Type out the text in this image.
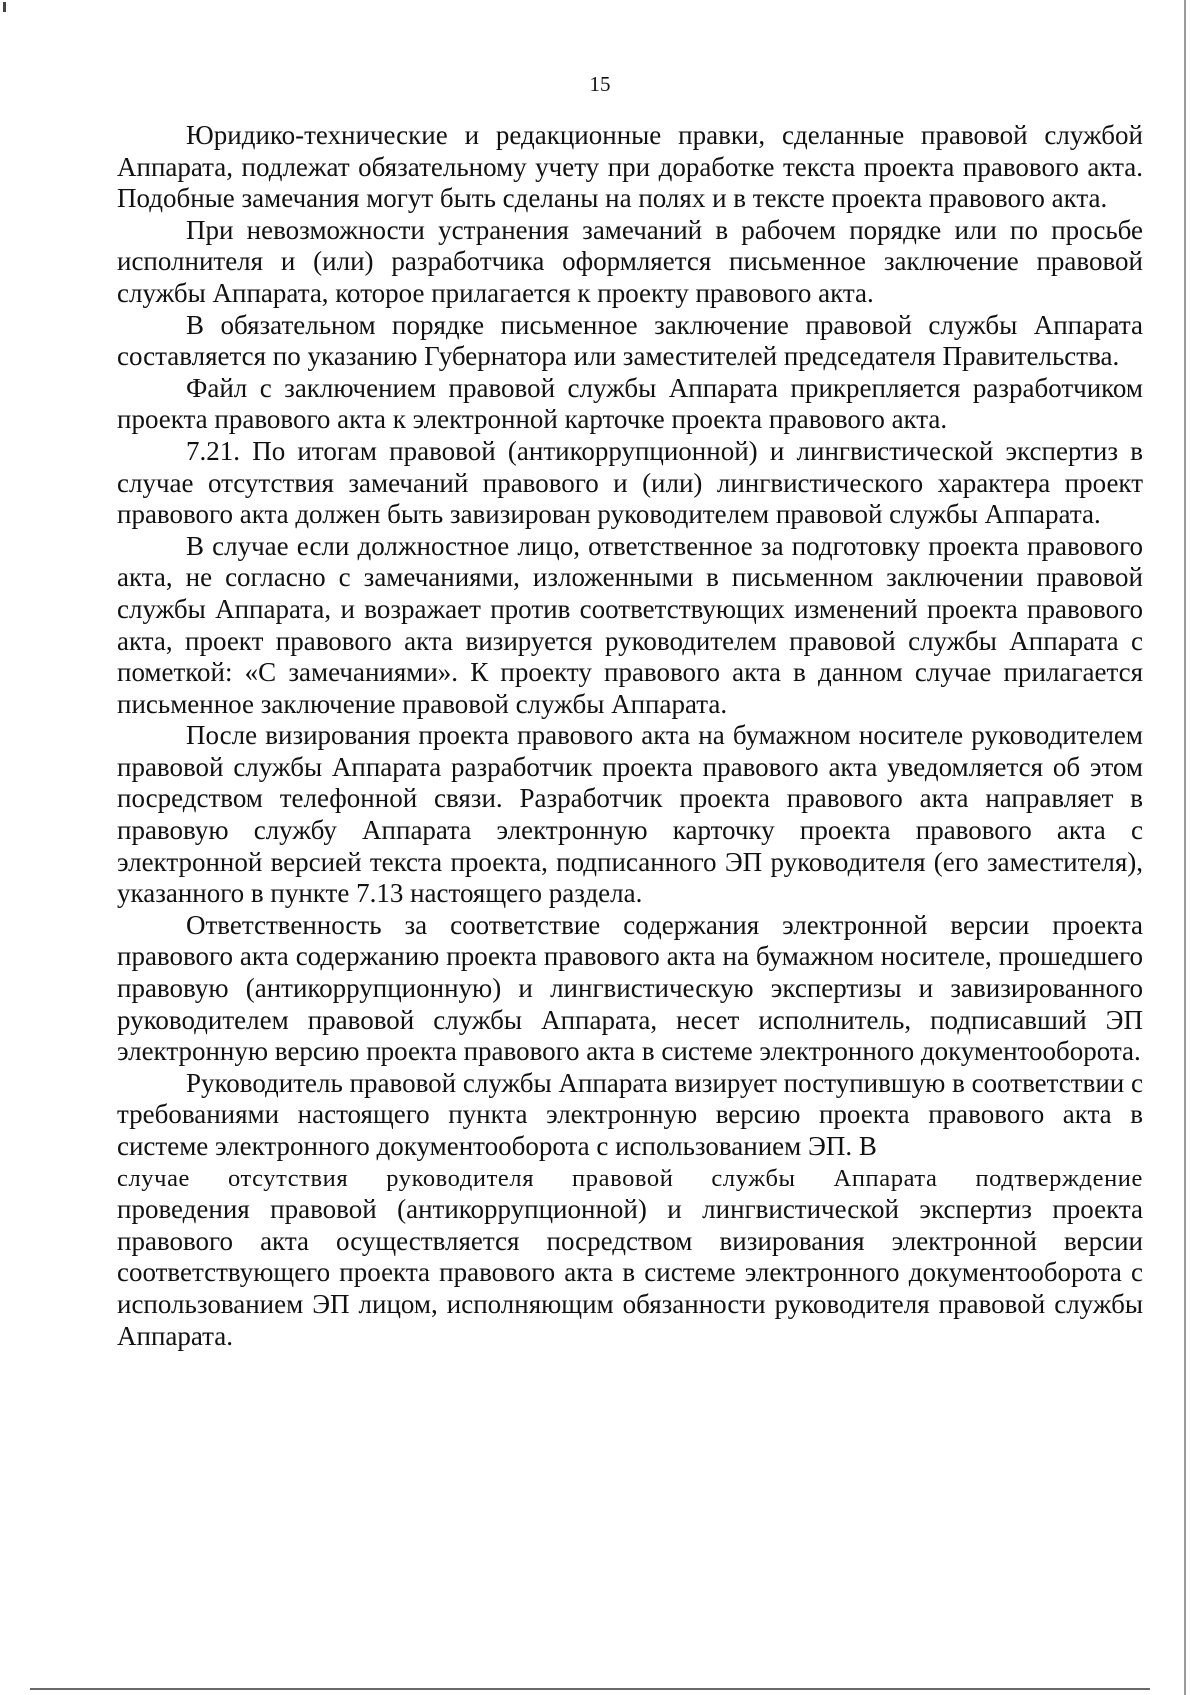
15

Юридико-технические и редакционные правки, сделанные правовой службой Аппарата, подлежат обязательному учету при доработке текста проекта правового акта. Подобные замечания могут быть сделаны на полях и в тексте проекта правового акта.

При невозможности устранения замечаний в рабочем порядке или по просьбе исполнителя и (или) разработчика оформляется письменное заключение правовой службы Аппарата, которое прилагается к проекту правового акта.

В обязательном порядке письменное заключение правовой службы Аппарата составляется по указанию Губернатора или заместителей председателя Правительства.

Файл с заключением правовой службы Аппарата прикрепляется разработчиком проекта правового акта к электронной карточке проекта правового акта.

7.21. По итогам правовой (антикоррупционной) и лингвистической экспертиз в случае отсутствия замечаний правового и (или) лингвистического характера проект правового акта должен быть завизирован руководителем правовой службы Аппарата.

В случае если должностное лицо, ответственное за подготовку проекта правового акта, не согласно с замечаниями, изложенными в письменном заключении правовой службы Аппарата, и возражает против соответствующих изменений проекта правового акта, проект правового акта визируется руководителем правовой службы Аппарата с пометкой: «С замечаниями». К проекту правового акта в данном случае прилагается письменное заключение правовой службы Аппарата.

После визирования проекта правового акта на бумажном носителе руководителем правовой службы Аппарата разработчик проекта правового акта уведомляется об этом посредством телефонной связи. Разработчик проекта правового акта направляет в правовую службу Аппарата электронную карточку проекта правового акта с электронной версией текста проекта, подписанного ЭП руководителя (его заместителя), указанного в пункте 7.13 настоящего раздела.

Ответственность за соответствие содержания электронной версии проекта правового акта содержанию проекта правового акта на бумажном носителе, прошедшего правовую (антикоррупционную) и лингвистическую экспертизы и завизированного руководителем правовой службы Аппарата, несет исполнитель, подписавший ЭП электронную версию проекта правового акта в системе электронного документооборота.

Руководитель правовой службы Аппарата визирует поступившую в соответствии с требованиями настоящего пункта электронную версию проекта правового акта в системе электронного документооборота с использованием ЭП. В

случае отсутствия руководителя правовой службы Аппарата подтверждение

проведения правовой (антикоррупционной) и лингвистической экспертиз проекта правового акта осуществляется посредством визирования электронной версии соответствующего проекта правового акта в системе электронного документооборота с использованием ЭП лицом, исполняющим обязанности руководителя правовой службы Аппарата.
